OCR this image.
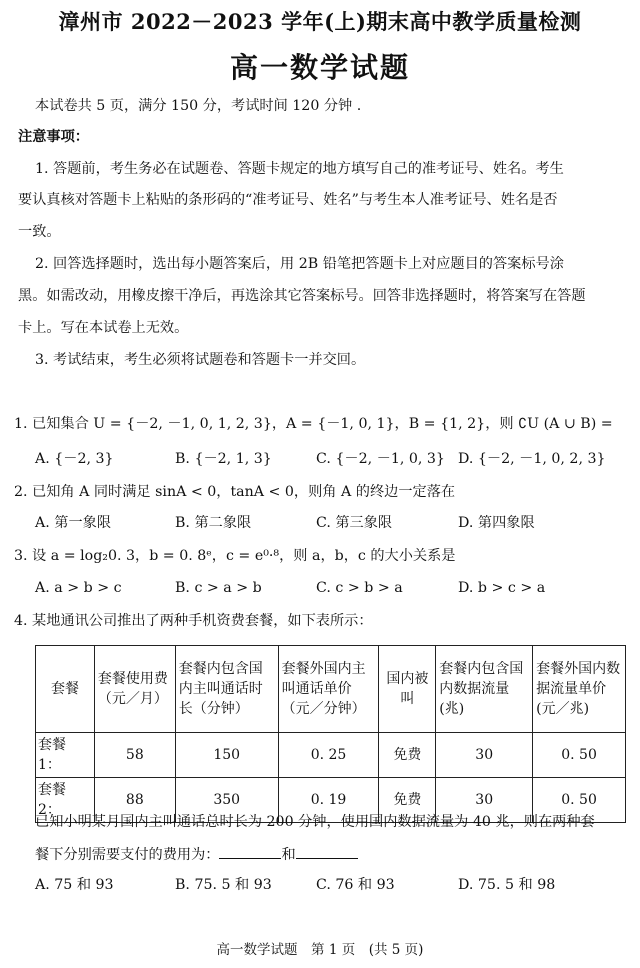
漳州市 2022－2023 学年(上)期末高中教学质量检测
高一数学试题
本试卷共 5 页，满分 150 分，考试时间 120 分钟 .
注意事项：
1. 答题前，考生务必在试题卷、答题卡规定的地方填写自己的准考证号、姓名。考生
要认真核对答题卡上粘贴的条形码的“准考证号、姓名”与考生本人准考证号、姓名是否
一致。
2. 回答选择题时，选出每小题答案后，用 2B 铅笔把答题卡上对应题目的答案标号涂
黑。如需改动，用橡皮擦干净后，再选涂其它答案标号。回答非选择题时，将答案写在答题
卡上。写在本试卷上无效。
3. 考试结束，考生必须将试题卷和答题卡一并交回。
1. 已知集合 U = {－2, －1, 0, 1, 2, 3}，A = {－1, 0, 1}，B = {1, 2}，则 ∁U (A ∪ B) =
A. {－2, 3}	B. {－2, 1, 3}	C. {－2, －1, 0, 3} D. {－2, －1, 0, 2, 3}
2. 已知角 A 同时满足 sinA < 0，tanA < 0，则角 A 的终边一定落在
A. 第一象限	B. 第二象限	C. 第三象限	D. 第四象限
3. 设 a = log₂0. 3，b = 0. 8ᵉ，c = e⁰·⁸，则 a，b，c 的大小关系是
A. a > b > c	B. c > a > b	C. c > b > a	D. b > c > a
4. 某地通讯公司推出了两种手机资费套餐，如下表所示：
套餐	套餐使用费（元／月）	套餐内包含国内主叫通话时长（分钟）	套餐外国内主叫通话单价（元／分钟）	国内被叫	套餐内包含国内数据流量(兆)	套餐外国内数据流量单价(元／兆)
套餐 1：	58	150	0. 25	免费	30	0. 50
套餐 2：	88	350	0. 19	免费	30	0. 50
已知小明某月国内主叫通话总时长为 200 分钟，使用国内数据流量为 40 兆，则在两种套
餐下分别需要支付的费用为：	和
A. 75 和 93	B. 75. 5 和 93	C. 76 和 93	D. 75. 5 和 98
高一数学试题　第 1 页　(共 5 页)
